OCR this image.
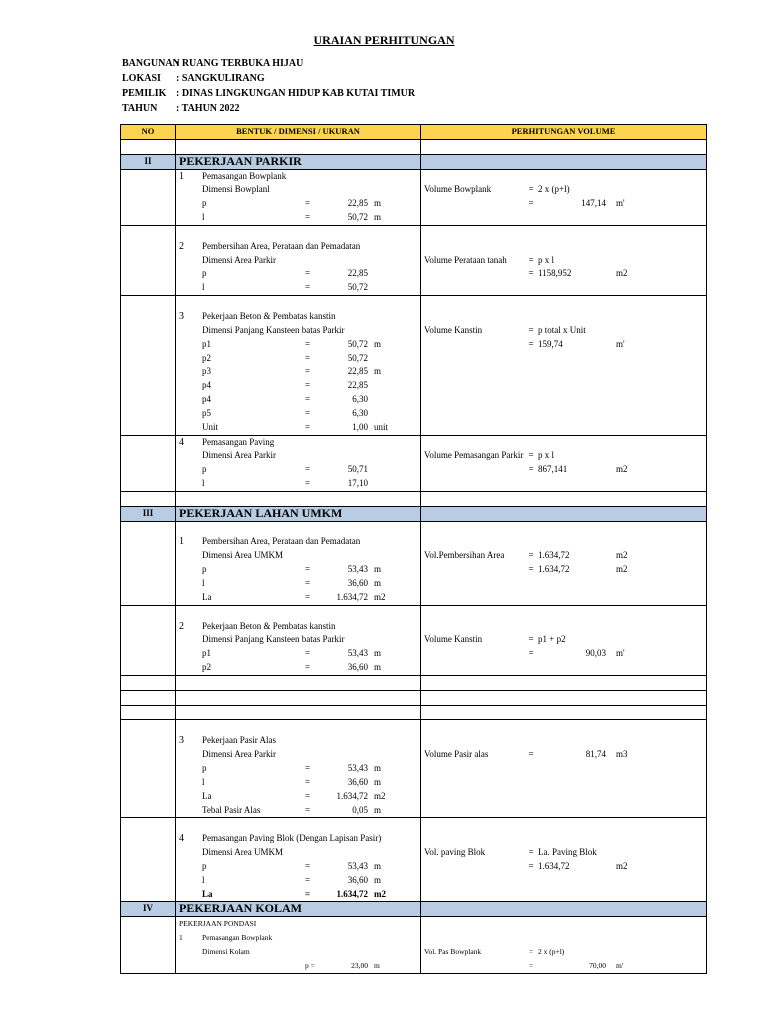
URAIAN PERHITUNGAN
BANGUNAN: RUANG TERBUKA HIJAU
LOKASI : SANGKULIRANG
PEMILIK : DINAS LINGKUNGAN HIDUP KAB KUTAI TIMUR
TAHUN : TAHUN 2022
NO	BENTUK / DIMENSI / UKURAN	PERHITUNGAN VOLUME

II	PEKERJAAN PARKIR	

	1 Pemasangan Bowplank	

	Dimensi Bowplanl	Volume Bowplank = 2 x (p+l)

	p = 22,85 m	= 147,14 m'

	l = 50,72 m	

	2 Pembersihan Area, Perataan dan Pemadatan	

	Dimensi Area Parkir	Volume Perataan tanah = p x l

	p = 22,85	= 1158,952 m2

	l = 50,72	

	3 Pekerjaan Beton & Pembatas kanstin	

	Dimensi Panjang Kansteen batas Parkir	Volume Kanstin = p total x Unit

	p1 = 50,72 m	= 159,74 m'

	p2 = 50,72	

	p3 = 22,85 m	

	p4 = 22,85	

	p4 = 6,30	

	p5 = 6,30	

	Unit = 1,00 unit	

	4 Pemasangan Paving	

	Dimensi Area Parkir	Volume Pemasangan Parkir = p x l

	p = 50,71	= 867,141 m2

	l = 17,10	

III	PEKERJAAN LAHAN UMKM	

	1 Pembersihan Area, Perataan dan Pemadatan	

	Dimensi Area UMKM	Vol.Pembersihan Area = 1.634,72 m2

	p = 53,43 m	= 1.634,72 m2

	l = 36,60 m	

	La = 1.634,72 m2	

	2 Pekerjaan Beton & Pembatas kanstin	

	Dimensi Panjang Kansteen batas Parkir	Volume Kanstin = p1 + p2

	p1 = 53,43 m	= 90,03 m'

	p2 = 36,60 m	

	3 Pekerjaan Pasir Alas	

	Dimensi Area Parkir	Volume Pasir alas = 81,74 m3

	p = 53,43 m	

	l = 36,60 m	

	La = 1.634,72 m2	

	Tebal Pasir Alas = 0,05 m	

	4 Pemasangan Paving Blok (Dengan Lapisan Pasir)	

	Dimensi Area UMKM	Vol. paving Blok = La. Paving Blok

	p = 53,43 m	= 1.634,72 m2

	l = 36,60 m	

	La = 1.634,72 m2	

IV	PEKERJAAN KOLAM	

	PEKERJAAN PONDASI	

	1 Pemasangan Bowplank	

	Dimensi Kolam	Vol. Pas Bowplank = 2 x (p+l)

	p = 23,00 m	= 70,00 m'
